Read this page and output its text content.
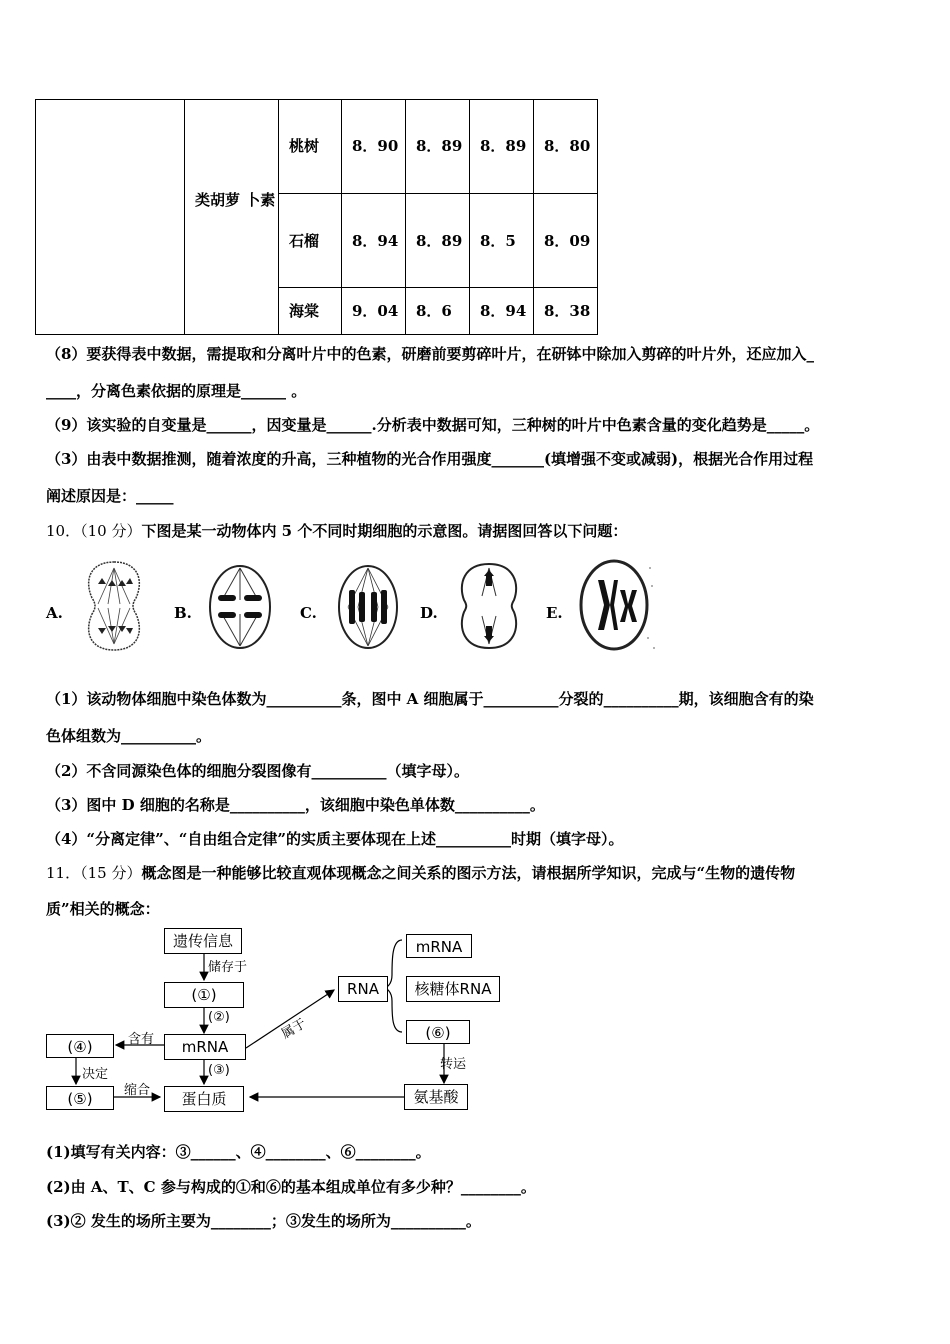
	类胡萝 卜素	桃树	8．90	8．89	8．89	8．80
		石榴	8．94	8．89	8．5	8．09
		海棠	9．04	8．6	8．94	8．38
（8）要获得表中数据，需提取和分离叶片中的色素，研磨前要剪碎叶片，在研钵中除加入剪碎的叶片外，还应加入_
____，分离色素依据的原理是______ 。
（9）该实验的自变量是______，因变量是______.分析表中数据可知，三种树的叶片中色素含量的变化趋势是_____。
（3）由表中数据推测，随着浓度的升高，三种植物的光合作用强度_______(填增强不变或减弱)，根据光合作用过程
阐述原因是：_____
10．（10 分）下图是某一动物体内 5 个不同时期细胞的示意图。请据图回答以下问题：
A.	B.	C.	D.	E.
（1）该动物体细胞中染色体数为__________条，图中 A 细胞属于__________分裂的__________期，该细胞含有的染
色体组数为__________。
（2）不含同源染色体的细胞分裂图像有__________（填字母）。
（3）图中 D 细胞的名称是__________，该细胞中染色单体数__________。
（4）“分离定律”、“自由组合定律”的实质主要体现在上述__________时期（填字母）。
11．（15 分）概念图是一种能够比较直观体现概念之间关系的图示方法，请根据所学知识，完成与“生物的遗传物
质”相关的概念：
遗传信息
储存于
(①)
(②)
mRNA
含有
(④)
决定
(⑤)	缩合
(③)
蛋白质
属于
RNA
mRNA
核糖体RNA
(⑥)
转运
氨基酸
(1)填写有关内容：③______、④________、⑥________。
(2)由 A、T、C 参与构成的①和⑥的基本组成单位有多少种？________。
(3)② 发生的场所主要为________；③发生的场所为__________。
